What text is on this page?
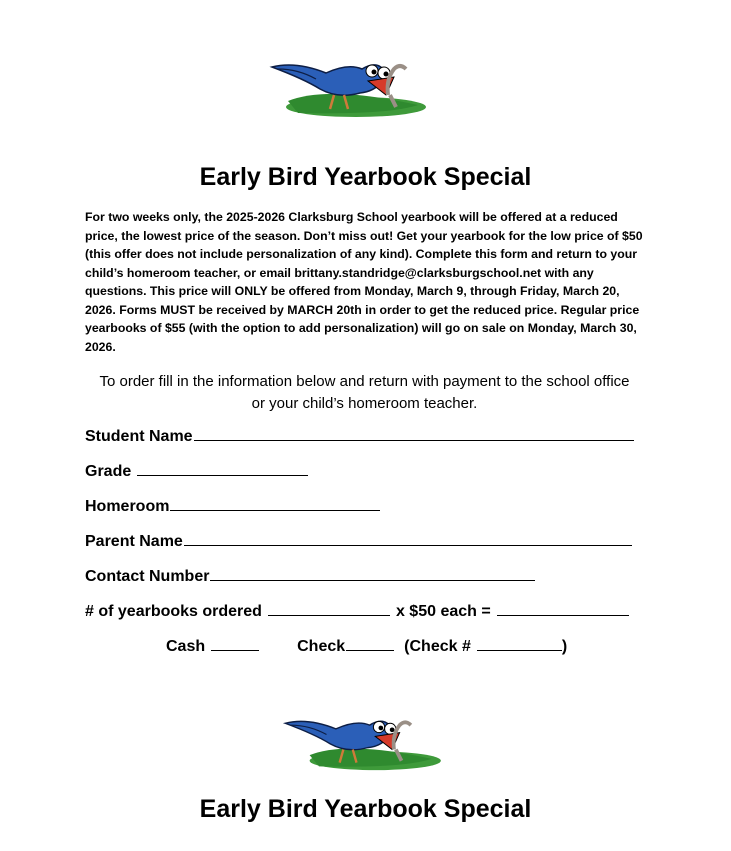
Early Bird Yearbook Special
For two weeks only, the 2025-2026 Clarksburg School yearbook will be offered at a reduced price, the lowest price of the season. Don’t miss out! Get your yearbook for the low price of $50 (this offer does not include personalization of any kind). Complete this form and return to your child’s homeroom teacher, or email brittany.standridge@clarksburgschool.net with any questions. This price will ONLY be offered from Monday, March 9, through Friday, March 20, 2026. Forms MUST be received by MARCH 20th in order to get the reduced price. Regular price yearbooks of $55 (with the option to add personalization) will go on sale on Monday, March 30, 2026.
To order fill in the information below and return with payment to the school office or your child’s homeroom teacher.
Student Name
Grade
Homeroom
Parent Name
Contact Number
# of yearbooks ordered	x $50 each =
Cash	Check	(Check #	)
Early Bird Yearbook Special
